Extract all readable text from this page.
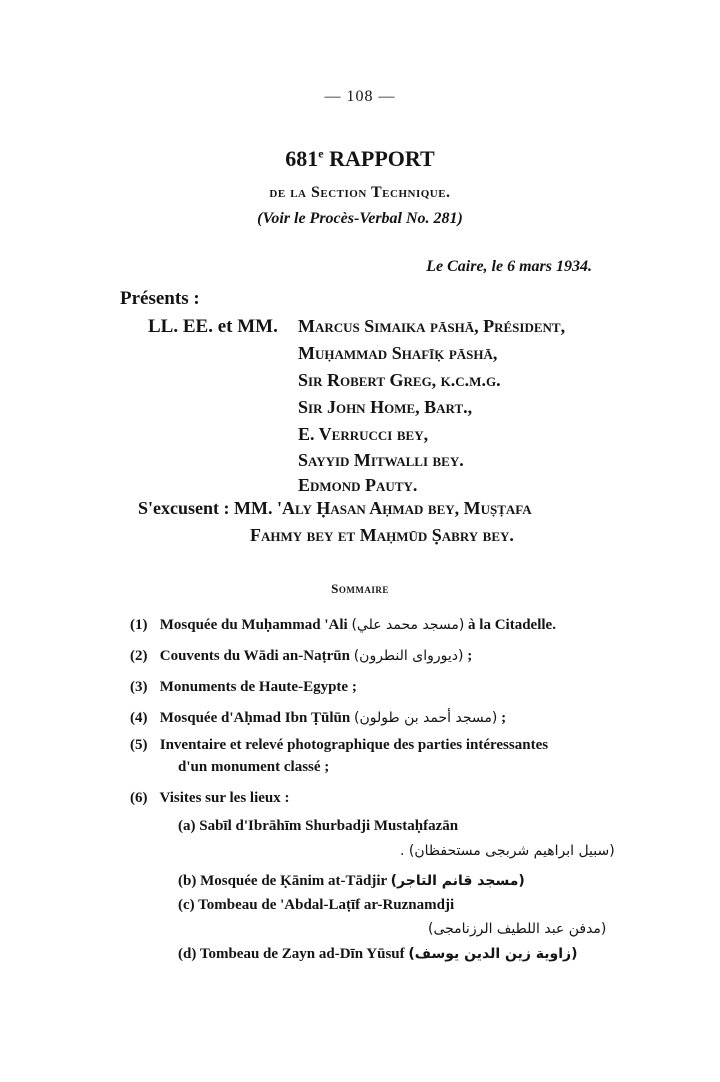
— 108 —
681e RAPPORT
de la Section Technique.
(Voir le Procès-Verbal No. 281)
Le Caire, le 6 mars 1934.
Présents :
LL. EE. et MM. Marcus Simaika pāshā, Président,
Muḥammad Shafīḳ pāshā,
Sir Robert Greg, k.c.m.g.
Sir John Home, Bart.,
E. Verrucci bey,
Sayyid Mitwalli bey.
Edmond Pauty.
S'excusent : MM. 'Aly Ḥasan Aḥmad bey, Muṣṭafa
Fahmy bey et Maḥmūd Ṣabry bey.
Sommaire
(1) Mosquée du Muḥammad 'Ali (مسجد محمد علي) à la Citadelle.
(2) Couvents du Wādi an-Naṭrūn (ديورواى النطرون) ;
(3) Monuments de Haute-Egypte ;
(4) Mosquée d'Aḥmad Ibn Ṭūlūn (مسجد أحمد بن طولون) ;
(5) Inventaire et relevé photographique des parties intéressantes
d'un monument classé ;
(6) Visites sur les lieux :
(a) Sabīl d'Ibrāhīm Shurbadji Mustaḥfazān
(سبيل ابراهيم شربجى مستحفظان) .
(b) Mosquée de Ḳānim at-Tādjir (مسجد قانم التاجر)
(c) Tombeau de 'Abdal-Laṭīf ar-Ruznamdji
(مدفن عبد اللطيف الرزنامجى)
(d) Tombeau de Zayn ad-Dīn Yūsuf (زاوية زين الدين يوسف)
